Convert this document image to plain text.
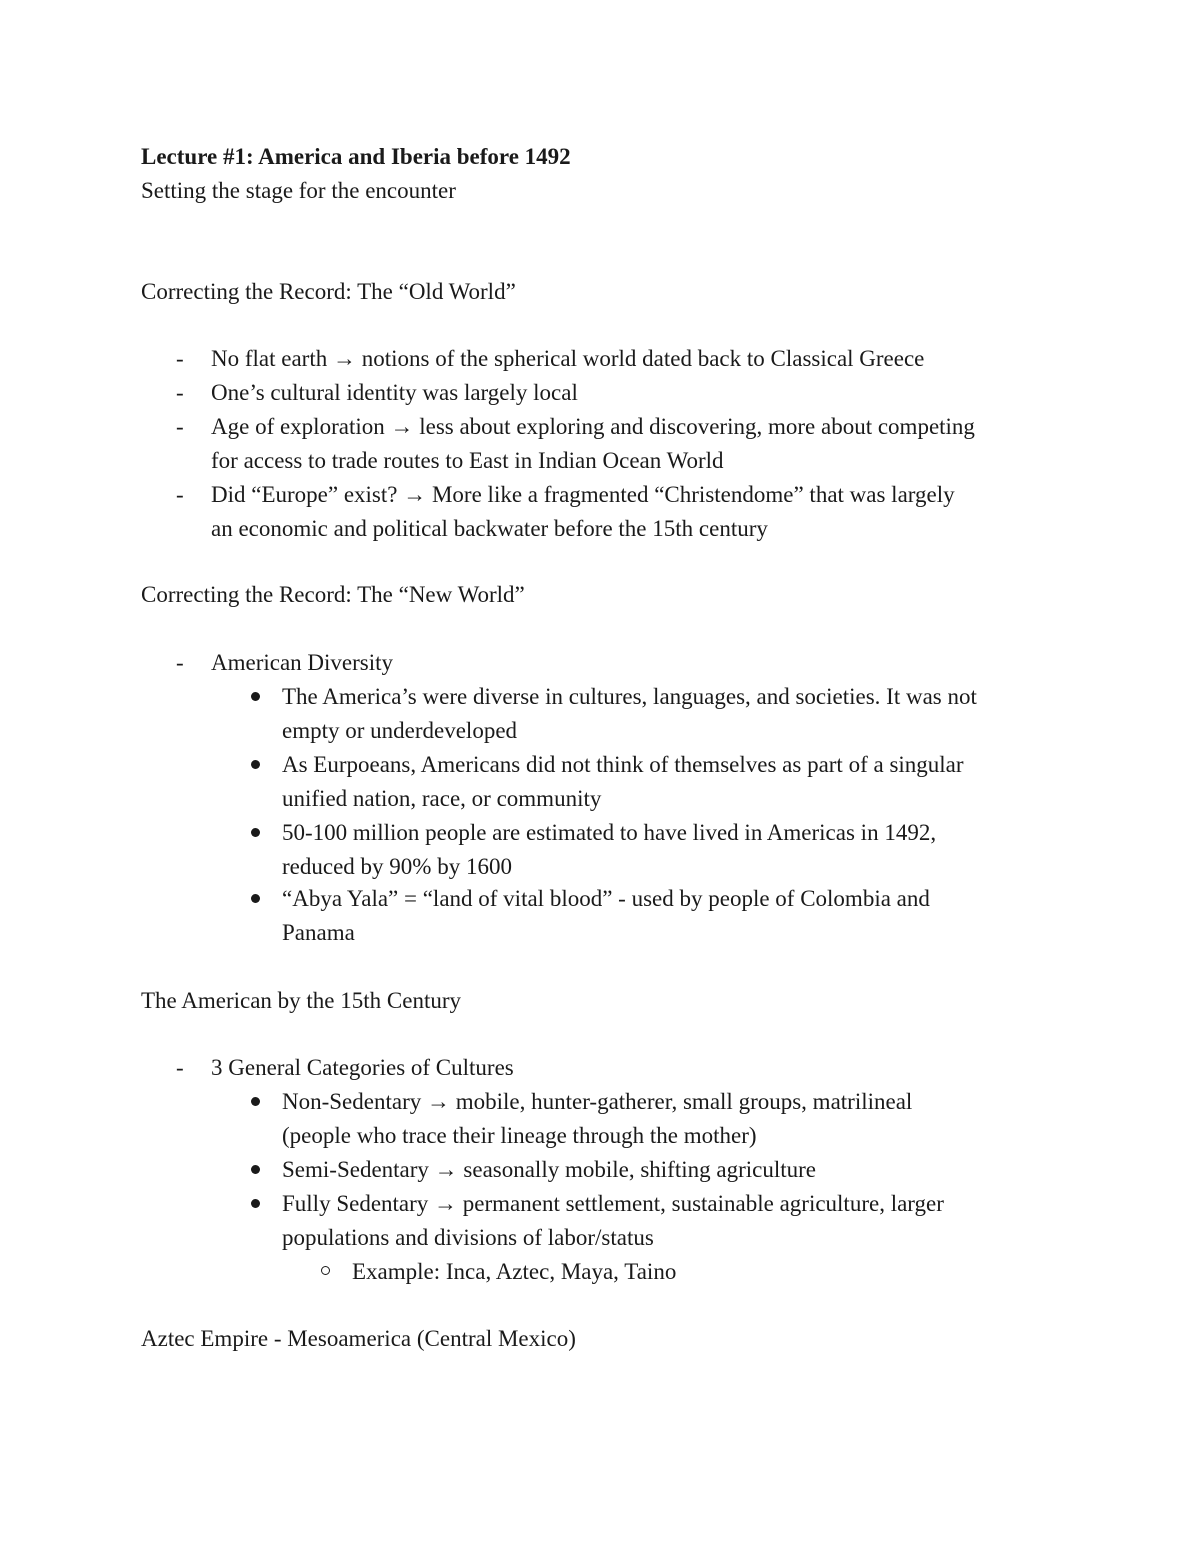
Lecture #1: America and Iberia before 1492
Setting the stage for the encounter
Correcting the Record: The “Old World”
- No flat earth → notions of the spherical world dated back to Classical Greece
- One’s cultural identity was largely local
- Age of exploration → less about exploring and discovering, more about competing
for access to trade routes to East in Indian Ocean World
- Did “Europe” exist? → More like a fragmented “Christendome” that was largely
an economic and political backwater before the 15th century
Correcting the Record: The “New World”
- American Diversity
The America’s were diverse in cultures, languages, and societies. It was not
empty or underdeveloped
As Eurpoeans, Americans did not think of themselves as part of a singular
unified nation, race, or community
50-100 million people are estimated to have lived in Americas in 1492,
reduced by 90% by 1600
“Abya Yala” = “land of vital blood” - used by people of Colombia and
Panama
The American by the 15th Century
- 3 General Categories of Cultures
Non-Sedentary → mobile, hunter-gatherer, small groups, matrilineal
(people who trace their lineage through the mother)
Semi-Sedentary → seasonally mobile, shifting agriculture
Fully Sedentary → permanent settlement, sustainable agriculture, larger
populations and divisions of labor/status
Example: Inca, Aztec, Maya, Taino
Aztec Empire - Mesoamerica (Central Mexico)
